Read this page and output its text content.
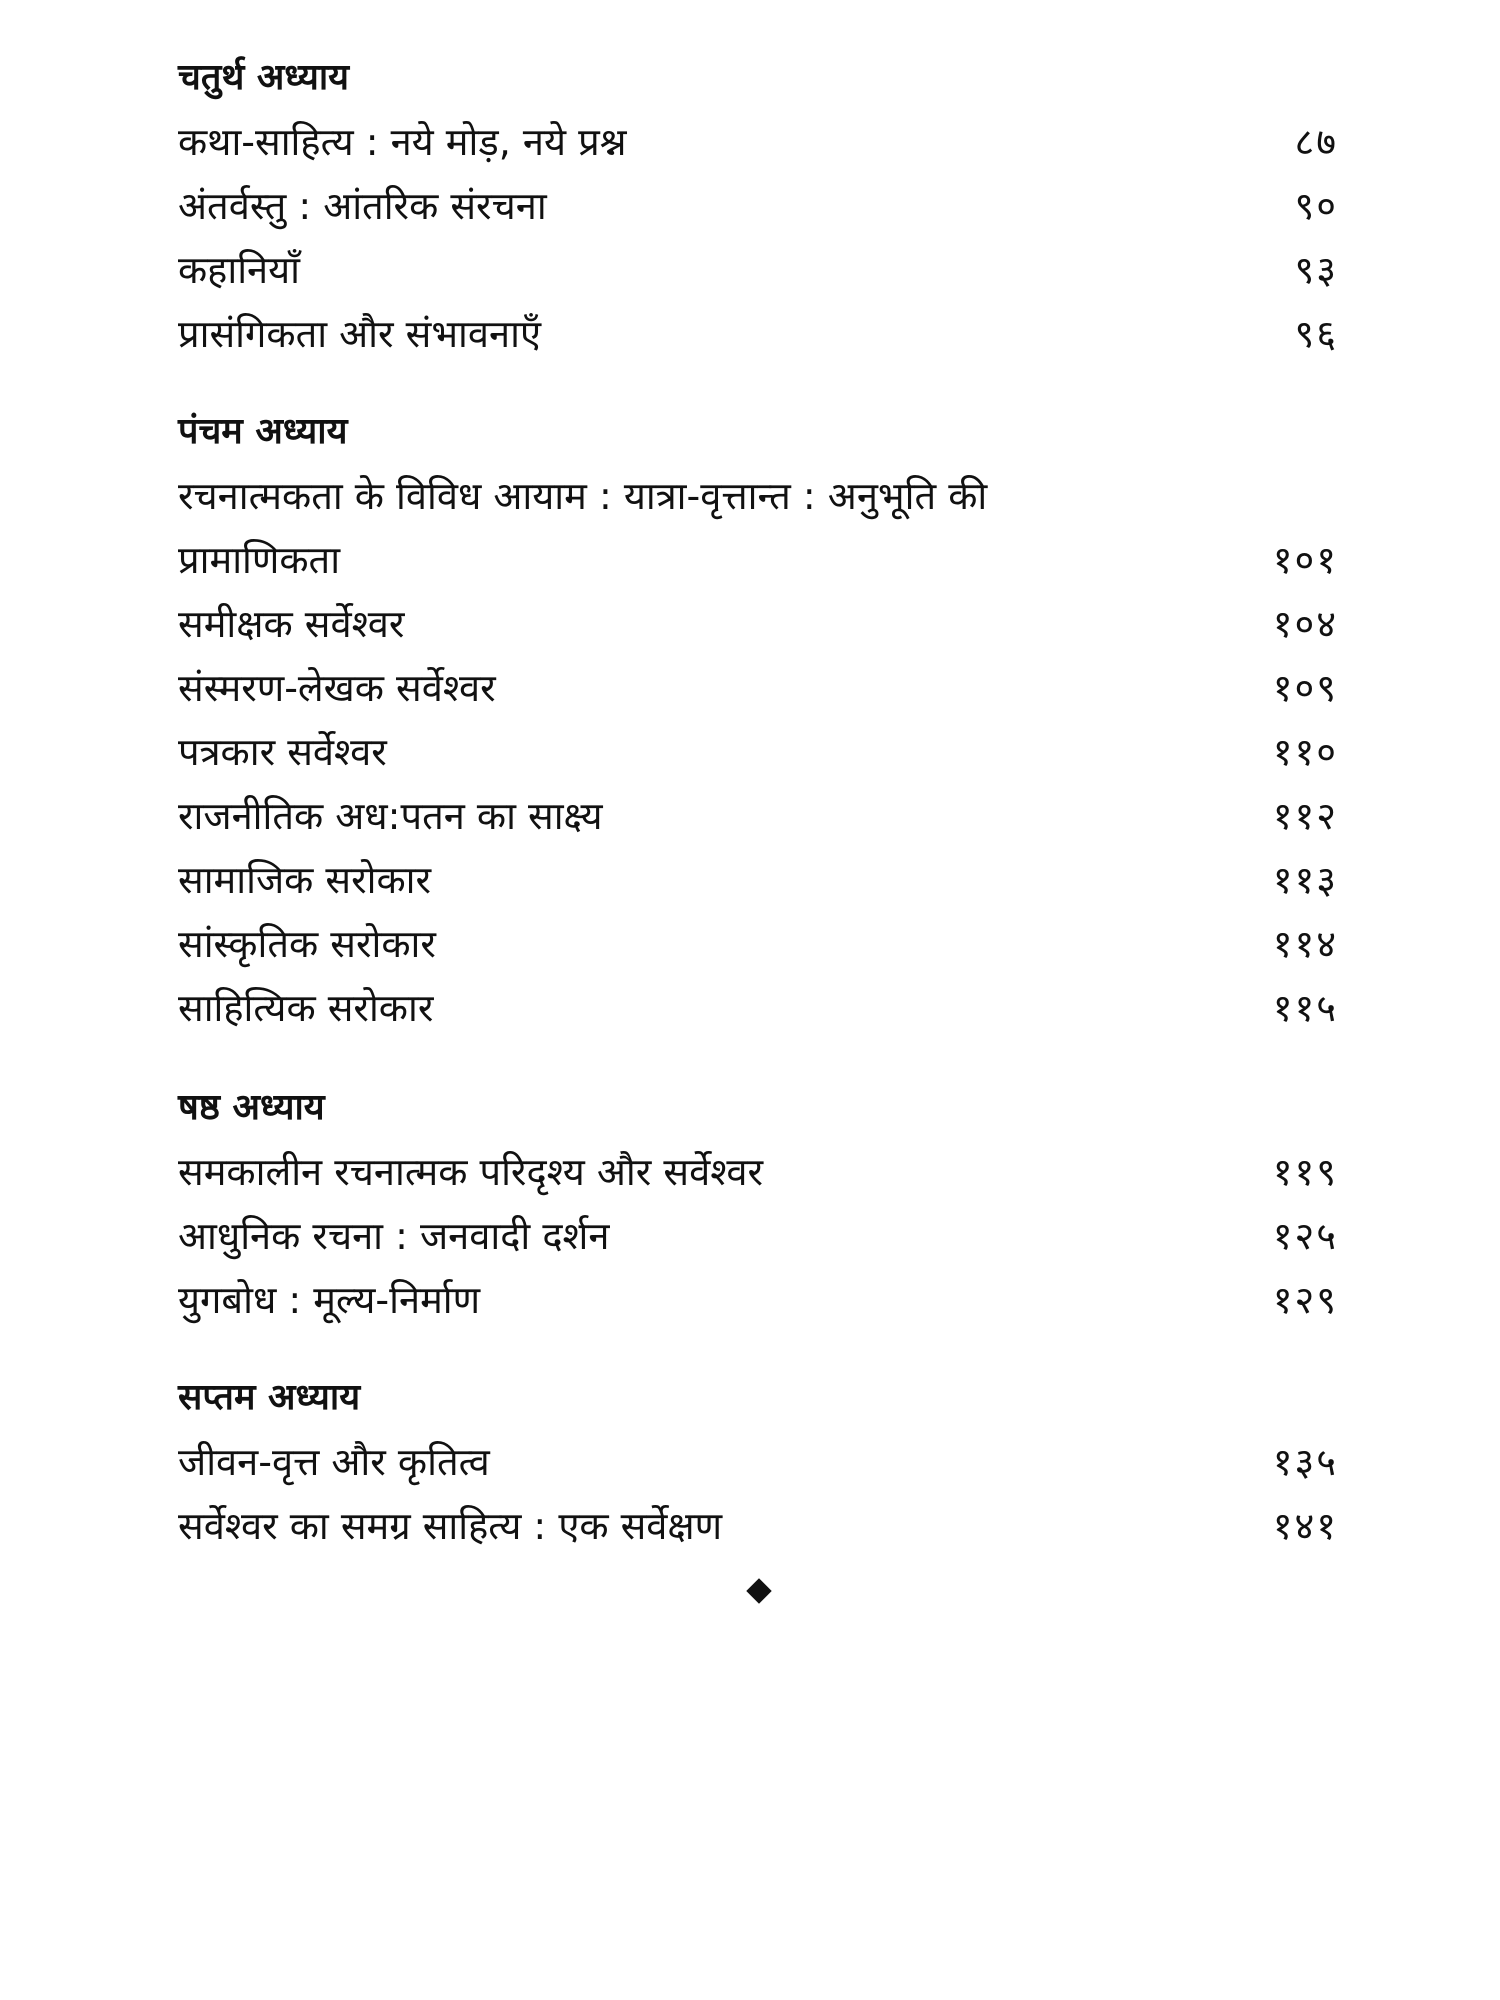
चतुर्थ अध्याय
कथा-साहित्य : नये मोड़, नये प्रश्न	८७
अंतर्वस्तु : आंतरिक संरचना	९०
कहानियाँ	९३
प्रासंगिकता और संभावनाएँ	९६
पंचम अध्याय
रचनात्मकता के विविध आयाम : यात्रा-वृत्तान्त : अनुभूति की
प्रामाणिकता	१०१
समीक्षक सर्वेश्वर	१०४
संस्मरण-लेखक सर्वेश्वर	१०९
पत्रकार सर्वेश्वर	११०
राजनीतिक अध:पतन का साक्ष्य	११२
सामाजिक सरोकार	११३
सांस्कृतिक सरोकार	११४
साहित्यिक सरोकार	११५
षष्ठ अध्याय
समकालीन रचनात्मक परिदृश्य और सर्वेश्वर	११९
आधुनिक रचना : जनवादी दर्शन	१२५
युगबोध : मूल्य-निर्माण	१२९
सप्तम अध्याय
जीवन-वृत्त और कृतित्व	१३५
सर्वेश्वर का समग्र साहित्य : एक सर्वेक्षण	१४१
